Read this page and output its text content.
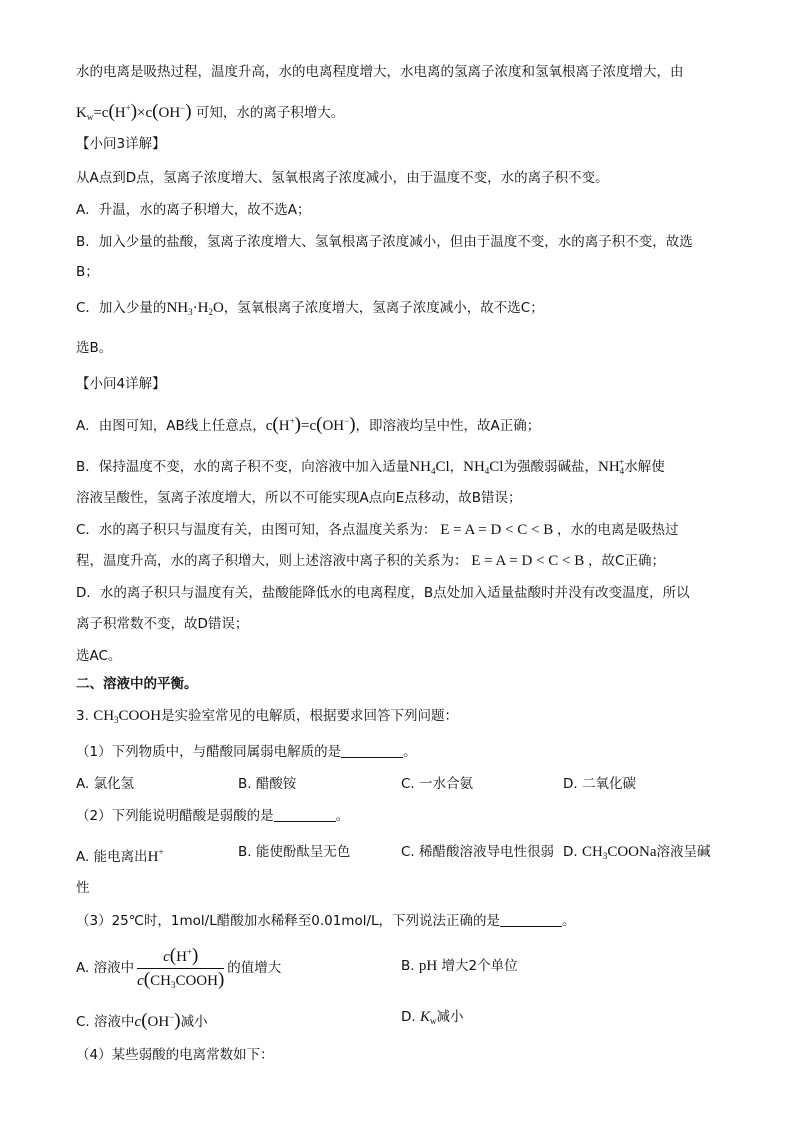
水的电离是吸热过程，温度升高，水的电离程度增大，水电离的氢离子浓度和氢氧根离子浓度增大，由
$K_w=c(H^+)\times c(OH^-)$ 可知，水的离子积增大。
【小问3详解】
从A点到D点，氢离子浓度增大、氢氧根离子浓度减小，由于温度不变，水的离子积不变。
A．升温，水的离子积增大，故不选A；
B．加入少量的盐酸，氢离子浓度增大、氢氧根离子浓度减小，但由于温度不变，水的离子积不变，故选
B；
C．加入少量的$NH_3\cdot H_2O$，氢氧根离子浓度增大，氢离子浓度减小，故不选C；
选B。
【小问4详解】
A．由图可知，AB线上任意点，c(H+)=c(OH−)，即溶液均呈中性，故A正确；
B．保持温度不变，水的离子积不变，向溶液中加入适量$NH_4Cl$，$NH_4Cl$为强酸弱碱盐，$NH_4^+$水解使
溶液呈酸性，氢离子浓度增大，所以不可能实现A点向E点移动，故B错误；
C．水的离子积只与温度有关，由图可知，各点温度关系为： E = A = D < C < B ，水的电离是吸热过
程，温度升高，水的离子积增大，则上述溶液中离子积的关系为： E = A = D < C < B ，故C正确；
D．水的离子积只与温度有关，盐酸能降低水的电离程度，B点处加入适量盐酸时并没有改变温度，所以
离子积常数不变，故D错误；
选AC。
二、溶液中的平衡。
3. $CH_3COOH$是实验室常见的电解质，根据要求回答下列问题：
（1）下列物质中，与醋酸同属弱电解质的是	。
A. 氯化氢	B. 醋酸铵	C. 一水合氨	D. 二氧化碳
（2）下列能说明醋酸是弱酸的是	。
A. 能电离出H+	B. 能使酚酞呈无色	C. 稀醋酸溶液导电性很弱 D. $CH_3COONa$溶液呈碱
性
（3）25℃时，1mol/L醋酸加水稀释至0.01mol/L，下列说法正确的是	。
A. 溶液中 $\frac{c(H^+)}{c(CH_3COOH)}$ 的值增大	B. pH 增大2个单位
C. 溶液中c(OH−)减小	D. $K_w$减小
（4）某些弱酸的电离常数如下：
